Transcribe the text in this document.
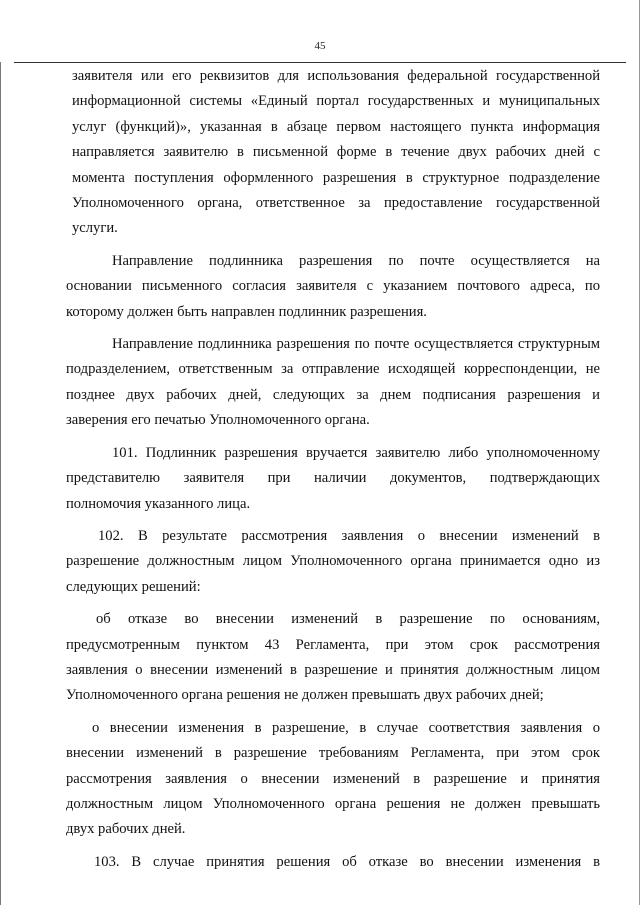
45

заявителя или его реквизитов для использования федеральной государственной

информационной системы «Единый портал государственных и муниципальных

услуг (функций)», указанная в абзаце первом настоящего пункта информация

направляется заявителю в письменной форме в течение двух рабочих дней с

момента поступления оформленного разрешения в структурное подразделение

Уполномоченного органа, ответственное за предоставление государственной

услуги.

Направление подлинника разрешения по почте осуществляется на

основании письменного согласия заявителя с указанием почтового адреса, по

которому должен быть направлен подлинник разрешения.

Направление подлинника разрешения по почте осуществляется структурным

подразделением, ответственным за отправление исходящей корреспонденции, не

позднее двух рабочих дней, следующих за днем подписания разрешения и

заверения его печатью Уполномоченного органа.

101. Подлинник разрешения вручается заявителю либо уполномоченному

представителю заявителя при наличии документов, подтверждающих

полномочия указанного лица.

102. В результате рассмотрения заявления о внесении изменений в

разрешение должностным лицом Уполномоченного органа принимается одно из

следующих решений:

об отказе во внесении изменений в разрешение по основаниям,

предусмотренным пунктом 43 Регламента, при этом срок рассмотрения

заявления о внесении изменений в разрешение и принятия должностным лицом

Уполномоченного органа решения не должен превышать двух рабочих дней;

о внесении изменения в разрешение, в случае соответствия заявления о

внесении изменений в разрешение требованиям Регламента, при этом срок

рассмотрения заявления о внесении изменений в разрешение и принятия

должностным лицом Уполномоченного органа решения не должен превышать

двух рабочих дней.

103. В случае принятия решения об отказе во внесении изменения в
